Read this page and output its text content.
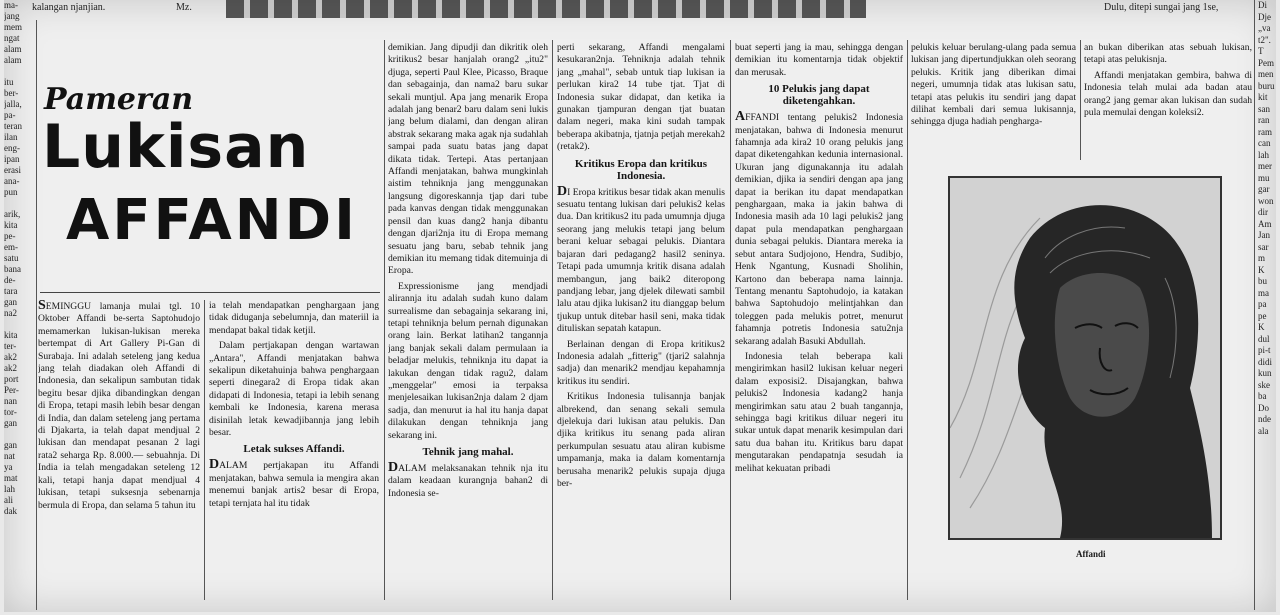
kalangan njanjian.	Mz.	Dulu, ditepi sungai jang 1se,
ma-
jang
mem
ngat
alam
alam

itu
ber-
jalla,
pa-
teran
ilan
eng-
ipan
erasi
ana-
pun

arik,
kita
pe-
em-
satu
bana
de-
tara
gan
na2

kita
ter-
ak2
ak2
port
Per-
nan
tor-
gan

gan
nat
ya
mat
lah
ali
dak
Pameran
Lukisan
AFFANDI

SEMINGGU lamanja mulai tgl. 10 Oktober Affandi be-serta Saptohudojo memamerkan lukisan-lukisan mereka bertempat di Art Gallery Pi-Gan di Surabaja. Ini adalah seteleng jang kedua jang telah diadakan oleh Affandi di Indonesia, dan sekalipun sambutan tidak begitu besar djika dibandingkan dengan di Eropa, tetapi masih lebih besar dengan di India, dan dalam seteleng jang pertama di Djakarta, ia telah dapat mendjual 2 lukisan dan mendapat pesanan 2 lagi rata2 seharga Rp. 8.000.— sebuahnja. Di India ia telah mengadakan seteleng 12 kali, tetapi hanja dapat mendjual 4 lukisan, tetapi suksesnja sebenarnja bermula di Eropa, dan selama 5 tahun itu

ia telah mendapatkan penghargaan jang tidak diduganja sebelumnja, dan materiil ia mendapat bakal tidak ketjil.

Dalam pertjakapan dengan wartawan „Antara", Affandi menjatakan bahwa sekalipun diketahuinja bahwa penghargaan seperti dinegara2 di Eropa tidak akan didapati di Indonesia, tetapi ia lebih senang kembali ke Indonesia, karena merasa disinilah letak kewadjibannja jang lebih besar.

Letak sukses Affandi.

DALAM pertjakapan itu Affandi menjatakan, bahwa semula ia mengira akan menemui banjak artis2 besar di Eropa, tetapi ternjata hal itu tidak

demikian. Jang dipudji dan dikritik oleh kritikus2 besar hanjalah orang2 „itu2" djuga, seperti Paul Klee, Picasso, Braque dan sebagainja, dan nama2 baru sukar sekali muntjul. Apa jang menarik Eropa adalah jang benar2 baru dalam seni lukis jang belum dialami, dan dengan aliran abstrak sekarang maka agak nja sudahlah sampai pada suatu batas jang dapat dikata tidak. Tertepi. Atas pertanjaan Affandi menjatakan, bahwa mungkinlah aistim tehniknja jang menggunakan langsung digoreskannja tjap dari tube pada kanvas dengan tidak menggunakan pensil dan kuas dang2 hanja dibantu dengan djari2nja itu di Eropa memang sesuatu jang baru, sebab tehnik jang demikian itu memang tidak ditemuinja di Eropa.

Expressionisme jang mendjadi alirannja itu adalah sudah kuno dalam surrealisme dan sebagainja sekarang ini, tetapi tehniknja belum pernah digunakan orang lain. Berkat latihan2 tangannja jang banjak sekali dalam permulaan ia beladjar melukis, tehniknja itu dapat ia lakukan dengan tidak ragu2, dalam „menggelar" emosi ia terpaksa menjelesaikan lukisan2nja dalam 2 djam sadja, dan menurut ia hal itu hanja dapat dilakukan dengan tehniknja jang sekarang ini.

Tehnik jang mahal.

DALAM melaksanakan tehnik nja itu dalam keadaan kurangnja bahan2 di Indonesia se-

perti sekarang, Affandi mengalami kesukaran2nja. Tehniknja adalah tehnik jang „mahal", sebab untuk tiap lukisan ia perlukan kira2 14 tube tjat. Tjat di Indonesia sukar didapat, dan ketika ia gunakan tjampuran dengan tjat buatan dalam negeri, maka kini sudah tampak beberapa akibatnja, tjatnja petjah merekah2 (retak2).

Kritikus Eropa dan kritikus Indonesia.

DI Eropa kritikus besar tidak akan menulis sesuatu tentang lukisan dari pelukis2 kelas dua. Dan kritikus2 itu pada umumnja djuga seorang jang melukis tetapi jang belum berani keluar sebagai pelukis. Diantara bajaran dari pedagang2 hasil2 seninya. Tetapi pada umumnja kritik disana adalah membangun, jang baik2 diteropong pandjang lebar, jang djelek dilewati sambil lalu atau djika lukisan2 itu dianggap belum tjukup untuk ditebar hasil seni, maka tidak dituliskan sepatah katapun.

Berlainan dengan di Eropa kritikus2 Indonesia adalah „fitterig" (tjari2 salahnja sadja) dan menarik2 mendjau kepahamnja kritikus itu sendiri.

Kritikus Indonesia tulisannja banjak albrekend, dan senang sekali semula djelekuja dari lukisan atau pelukis. Dan djika kritikus itu senang pada aliran perkumpulan sesuatu atau aliran kubisme umpamanja, maka ia dalam komentarnja berusaha menarik2 pelukis supaja djuga ber-

buat seperti jang ia mau, sehingga dengan demikian itu komentarnja tidak objektif dan merusak.

10 Pelukis jang dapat diketengahkan.

AFFANDI tentang pelukis2 Indonesia menjatakan, bahwa di Indonesia menurut fahamnja ada kira2 10 orang pelukis jang dapat diketengahkan kedunia internasional. Ukuran jang digunakannja itu adalah demikian, djika ia sendiri dengan apa jang dapat ia berikan itu dapat mendapatkan penghargaan, maka ia jakin bahwa di Indonesia masih ada 10 lagi pelukis2 jang dapat pula mendapatkan penghargaan dunia sebagai pelukis. Diantara mereka ia sebut antara Sudjojono, Hendra, Sudibjo, Henk Ngantung, Kusnadi Sholihin, Kartono dan beberapa nama lainnja. Tentang menantu Saptohudojo, ia katakan bahwa Saptohudojo melintjahkan dan toleggen pada melukis potret, menurut fahamnja potretis Indonesia satu2nja sekarang adalah Basuki Abdullah.

Indonesia telah beberapa kali mengirimkan hasil2 lukisan keluar negeri dalam exposisi2. Disajangkan, bahwa pelukis2 Indonesia kadang2 hanja mengirimkan satu atau 2 buah tangannja, sehingga bagi kritikus diluar negeri itu sukar untuk dapat menarik kesimpulan dari satu dua bahan itu. Kritikus baru dapat mengutarakan pendapatnja sesudah ia melihat kekuatan pribadi

pelukis keluar berulang-ulang pada semua lukisan jang dipertundjukkan oleh seorang pelukis. Kritik jang diberikan dimai negeri, umumnja tidak atas lukisan satu, tetapi atas pelukis itu sendiri jang dapat dilihat kembali dari semua lukisannja, sehingga djuga hadiah pengharga-

an bukan diberikan atas sebuah lukisan, tetapi atas pelukisnja.

Affandi menjatakan gembira, bahwa di Indonesia telah mulai ada badan atau orang2 jang gemar akan lukisan dan sudah pula memulai dengan koleksi2.

Affandi
Di
Dje
„va
t2".
T
Pem
men
buru
kit
san
ran
ram
can
lah
mer
mu
gar
won
dir
Am
Jan
sar
m
K
bu
ma
pa
pe
K
dul
pi-t
didi
kun
ske
ba
Do
nde
ala
